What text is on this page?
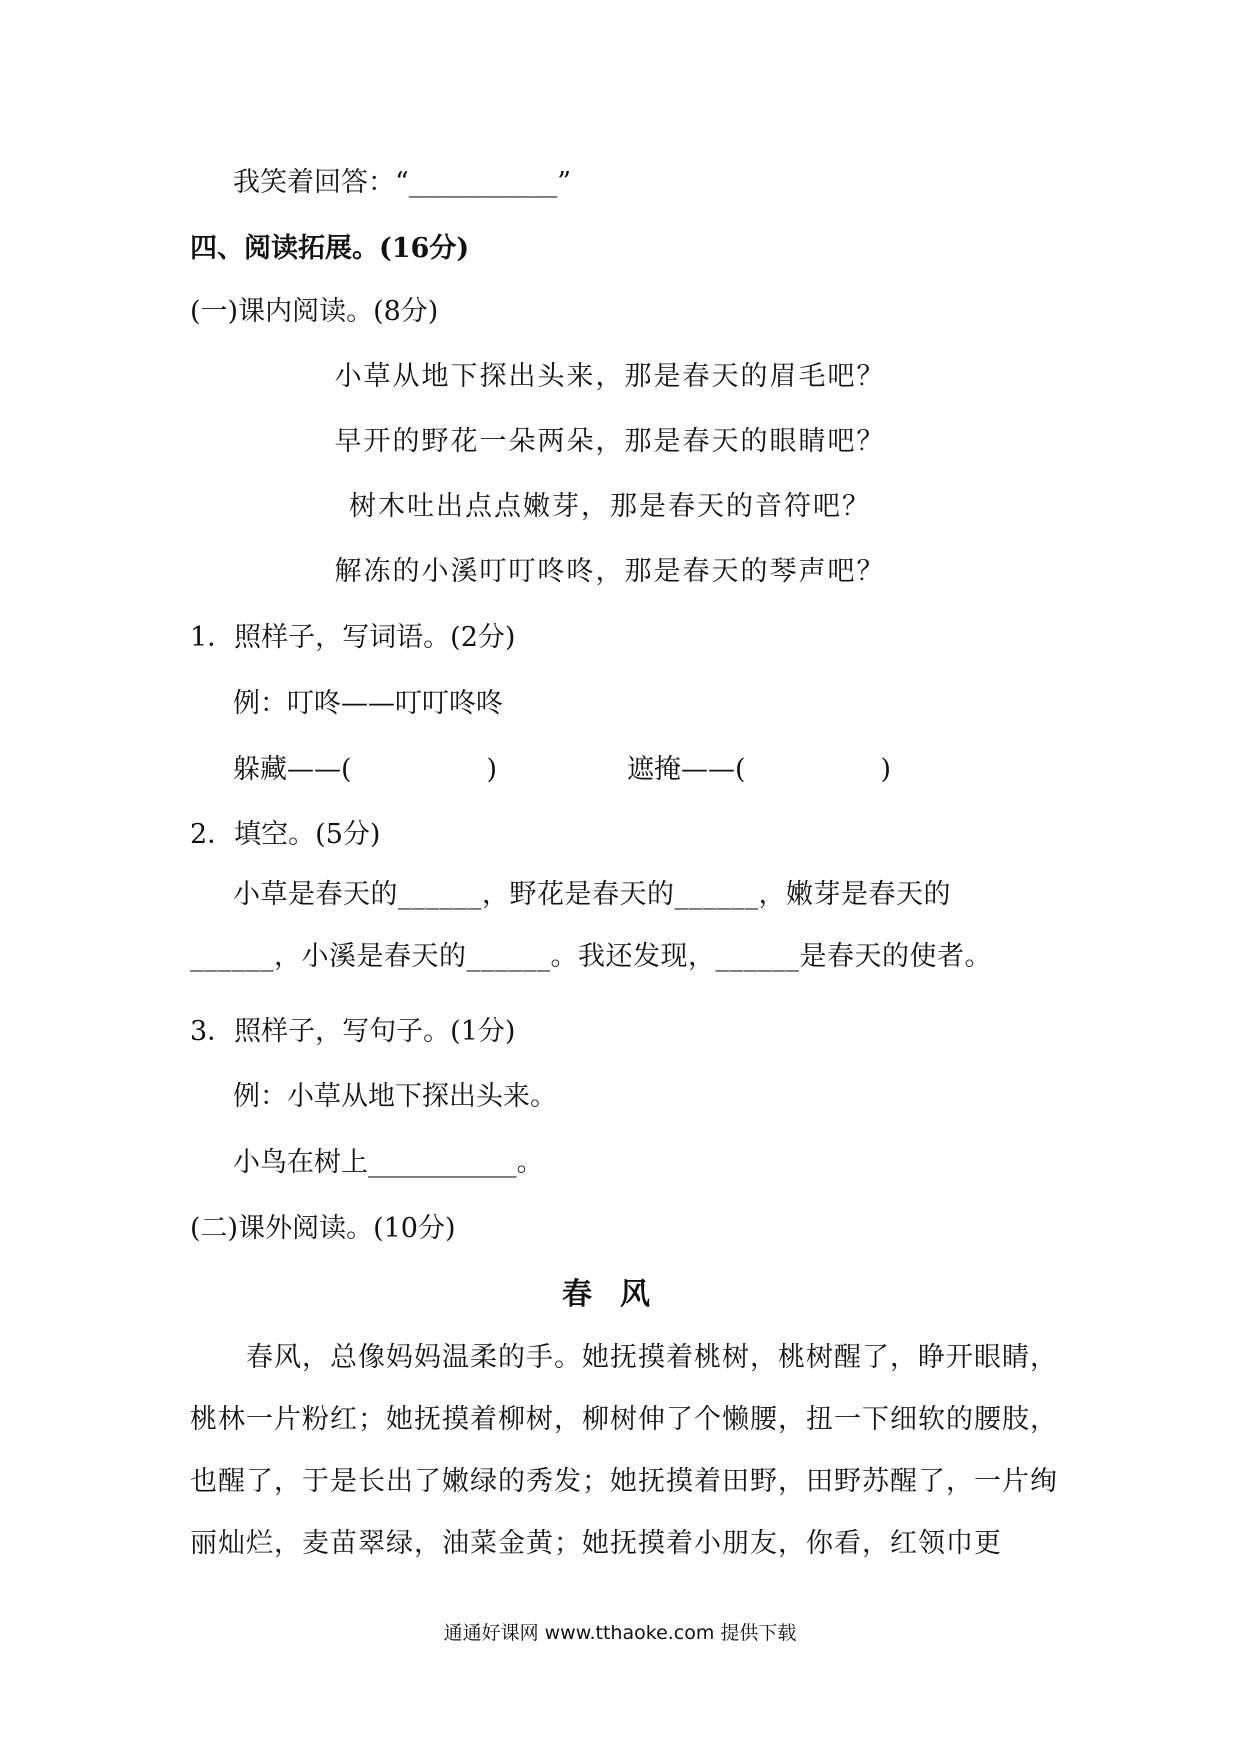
我笑着回答：“___________”
四、阅读拓展。(16分)
(一)课内阅读。(8分)
小草从地下探出头来，那是春天的眉毛吧？
早开的野花一朵两朵，那是春天的眼睛吧？
树木吐出点点嫩芽，那是春天的音符吧？
解冻的小溪叮叮咚咚，那是春天的琴声吧？
1．照样子，写词语。(2分)
例：叮咚——叮叮咚咚
躲藏——(　　　　　)	遮掩——(　　　　　)
2．填空。(5分)

小草是春天的______，野花是春天的______，嫩芽是春天的

______，小溪是春天的______。我还发现，______是春天的使者。

3．照样子，写句子。(1分)
例：小草从地下探出头来。
小鸟在树上___________。
(二)课外阅读。(10分)
春风

春风，总像妈妈温柔的手。她抚摸着桃树，桃树醒了，睁开眼睛，桃林一片粉红；她抚摸着柳树，柳树伸了个懒腰，扭一下细软的腰肢，也醒了，于是长出了嫩绿的秀发；她抚摸着田野，田野苏醒了，一片绚丽灿烂，麦苗翠绿，油菜金黄；她抚摸着小朋友，你看，红领巾更

通通好课网 www.tthaoke.com 提供下载
